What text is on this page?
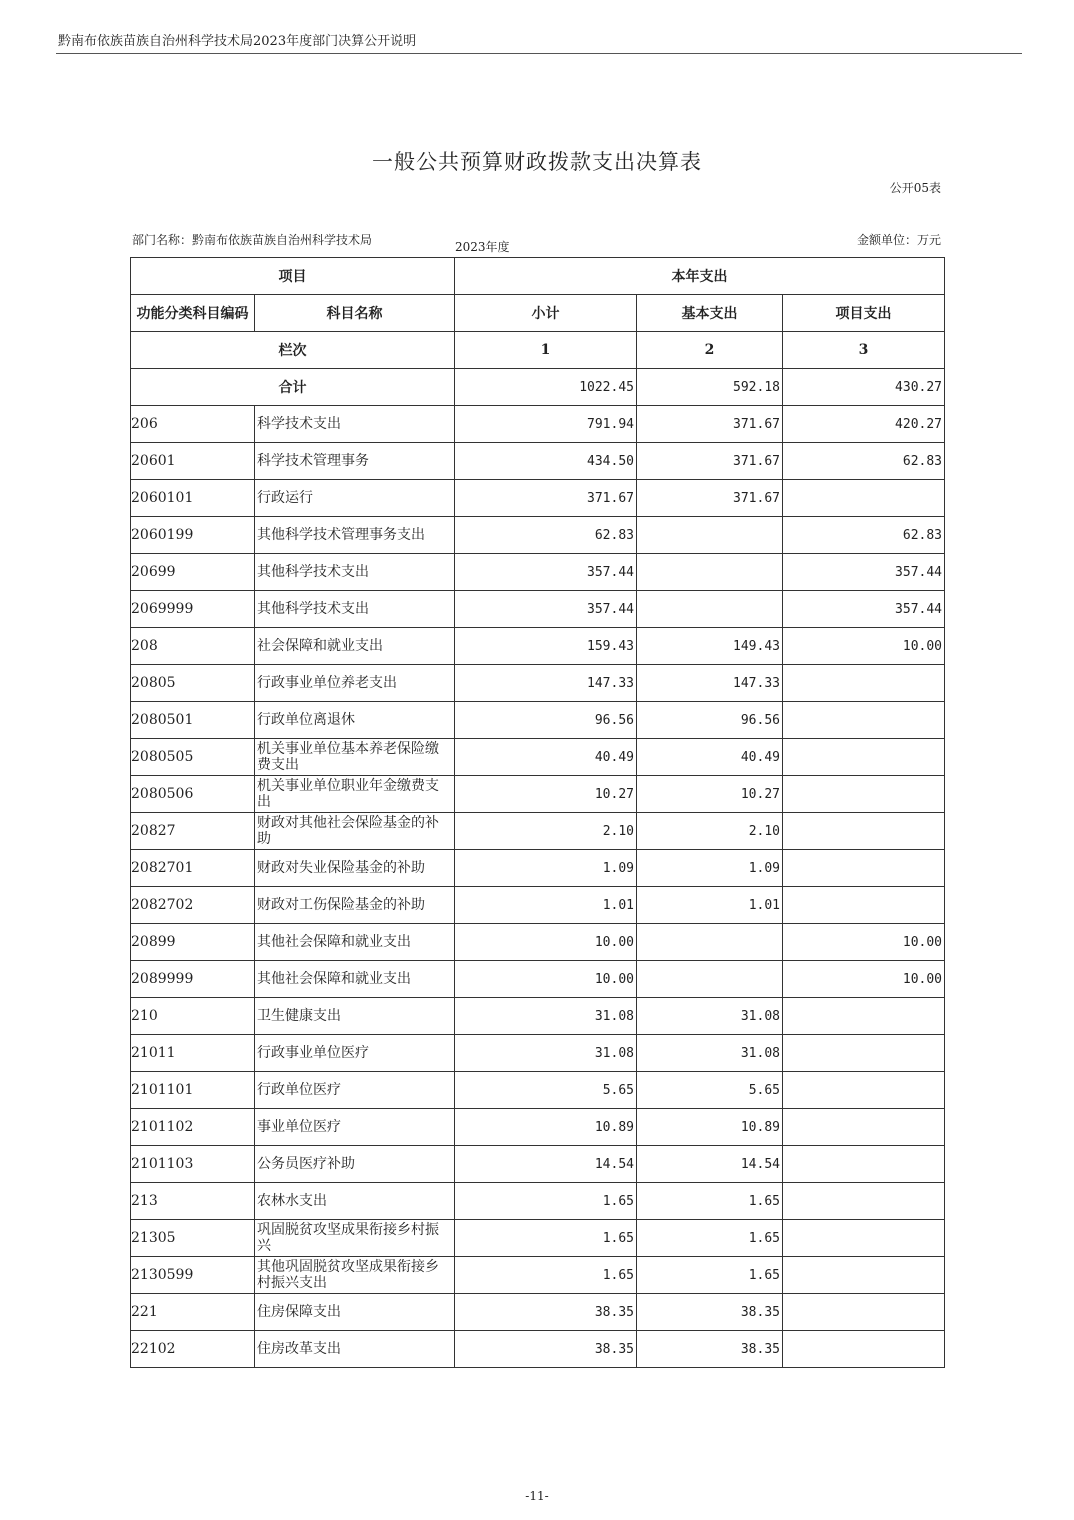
黔南布依族苗族自治州科学技术局2023年度部门决算公开说明
一般公共预算财政拨款支出决算表
公开05表
部门名称：黔南布依族苗族自治州科学技术局	2023年度	金额单位：万元
项目		本年支出		
功能分类科目编码	科目名称	小计	基本支出	项目支出
栏次		1	2	3
合计		1022.45	592.18	430.27
206	科学技术支出	791.94	371.67	420.27
20601	科学技术管理事务	434.50	371.67	62.83
2060101	行政运行	371.67	371.67	
2060199	其他科学技术管理事务支出	62.83		62.83
20699	其他科学技术支出	357.44		357.44
2069999	其他科学技术支出	357.44		357.44
208	社会保障和就业支出	159.43	149.43	10.00
20805	行政事业单位养老支出	147.33	147.33	
2080501	行政单位离退休	96.56	96.56	
2080505	机关事业单位基本养老保险缴费支出	40.49	40.49	
2080506	机关事业单位职业年金缴费支出	10.27	10.27	
20827	财政对其他社会保险基金的补助	2.10	2.10	
2082701	财政对失业保险基金的补助	1.09	1.09	
2082702	财政对工伤保险基金的补助	1.01	1.01	
20899	其他社会保障和就业支出	10.00		10.00
2089999	其他社会保障和就业支出	10.00		10.00
210	卫生健康支出	31.08	31.08	
21011	行政事业单位医疗	31.08	31.08	
2101101	行政单位医疗	5.65	5.65	
2101102	事业单位医疗	10.89	10.89	
2101103	公务员医疗补助	14.54	14.54	
213	农林水支出	1.65	1.65	
21305	巩固脱贫攻坚成果衔接乡村振兴	1.65	1.65	
2130599	其他巩固脱贫攻坚成果衔接乡村振兴支出	1.65	1.65	
221	住房保障支出	38.35	38.35	
22102	住房改革支出	38.35	38.35	
-11-
